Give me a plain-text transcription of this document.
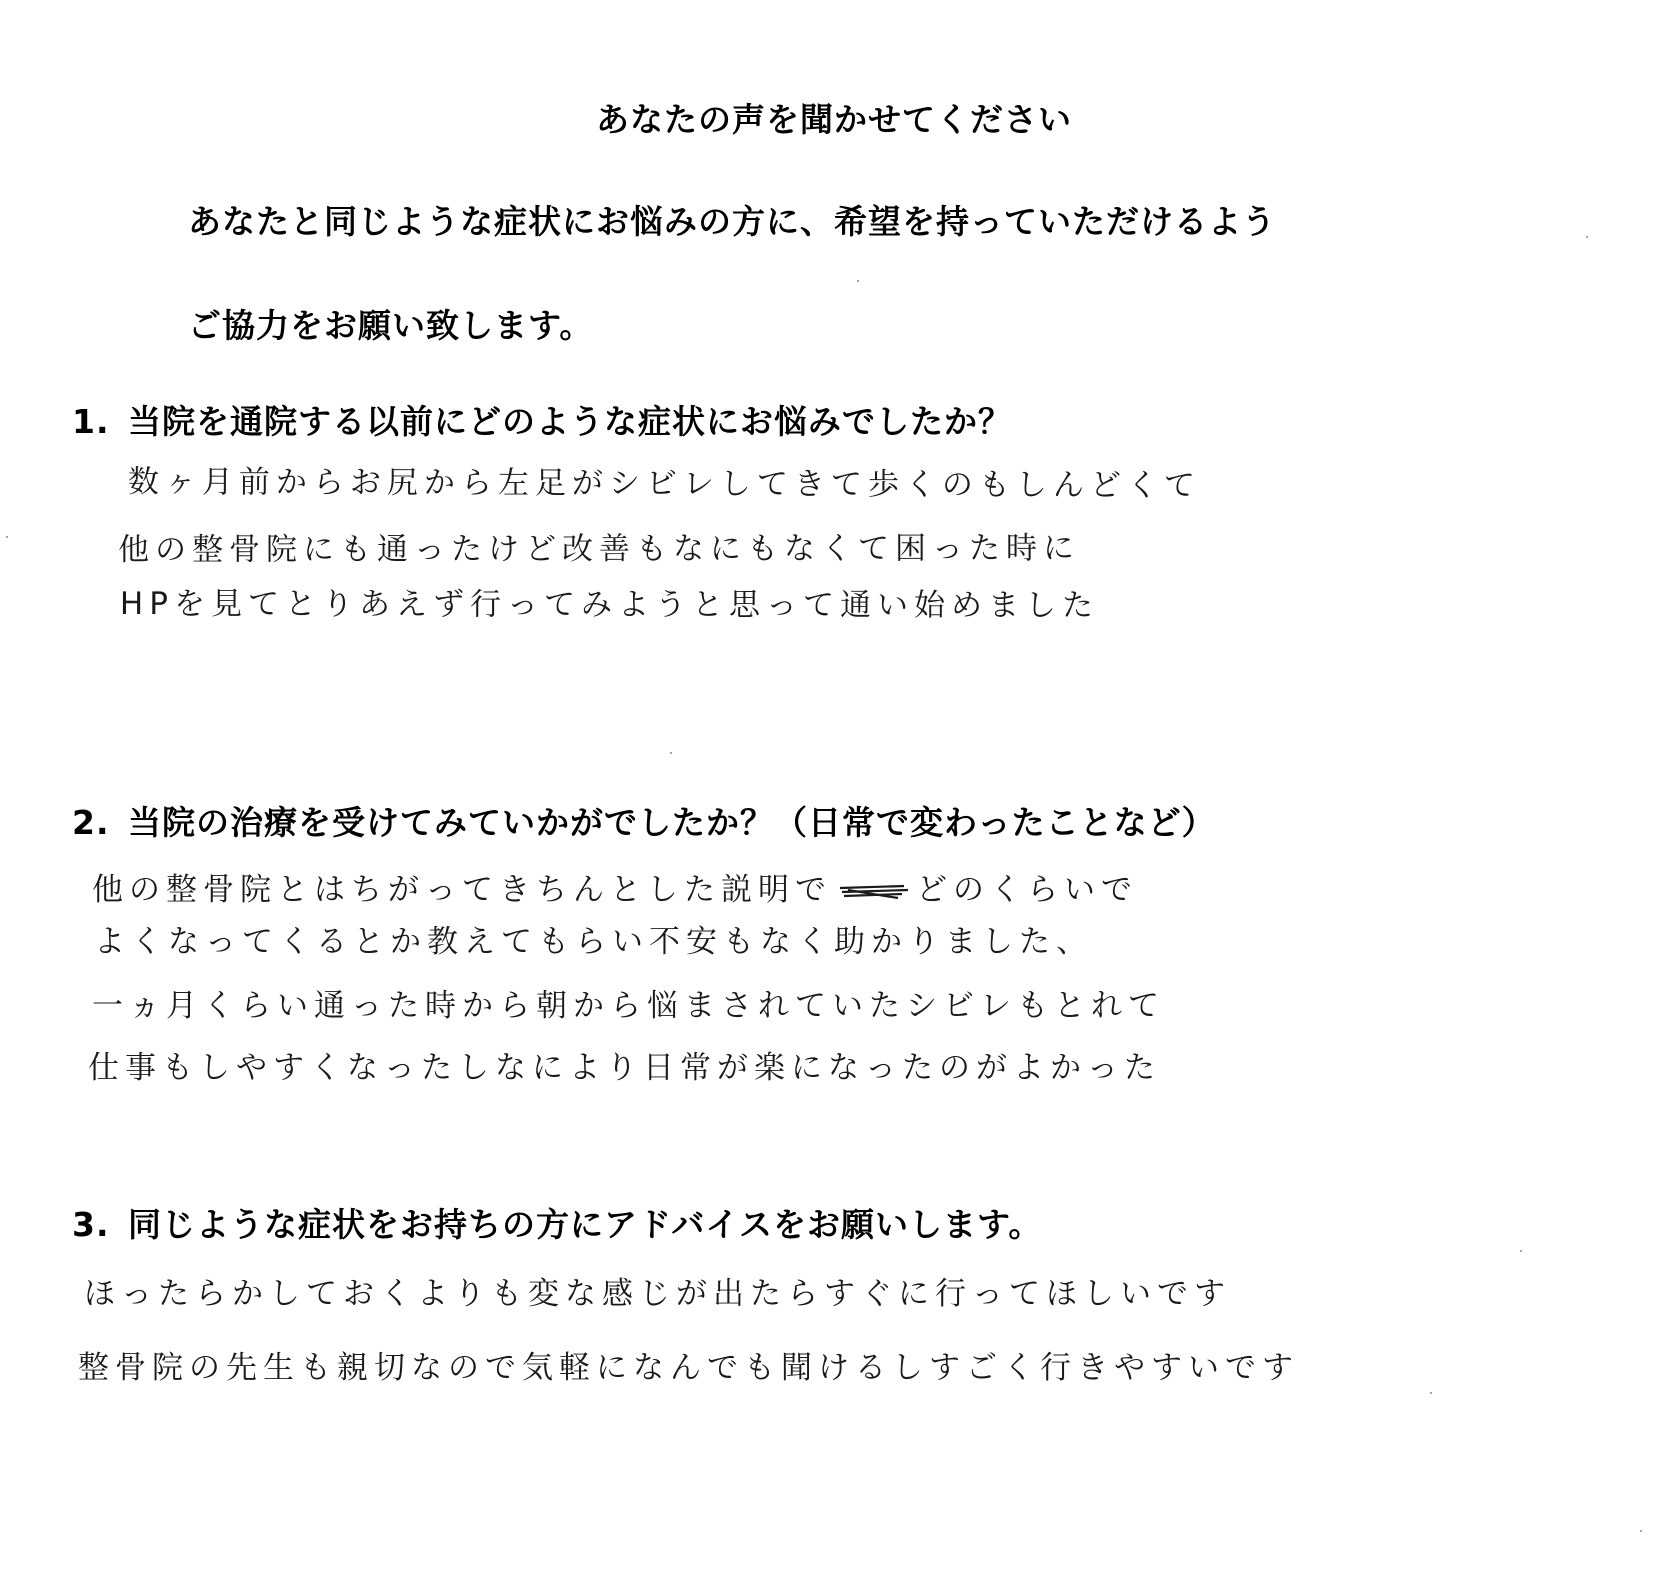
あなたの声を聞かせてください
あなたと同じような症状にお悩みの方に、希望を持っていただけるよう
ご協力をお願い致します。
1. 当院を通院する以前にどのような症状にお悩みでしたか？
数ヶ月前からお尻から左足がシビレしてきて歩くのもしんどくて
他の整骨院にも通ったけど改善もなにもなくて困った時に
HPを見てとりあえず行ってみようと思って通い始めました
2. 当院の治療を受けてみていかがでしたか？（日常で変わったことなど）
他の整骨院とはちがってきちんとした説明で	どのくらいで
よくなってくるとか教えてもらい不安もなく助かりました、
一ヵ月くらい通った時から朝から悩まされていたシビレもとれて
仕事もしやすくなったしなにより日常が楽になったのがよかった
3. 同じような症状をお持ちの方にアドバイスをお願いします。
ほったらかしておくよりも変な感じが出たらすぐに行ってほしいです
整骨院の先生も親切なので気軽になんでも聞けるしすごく行きやすいです
